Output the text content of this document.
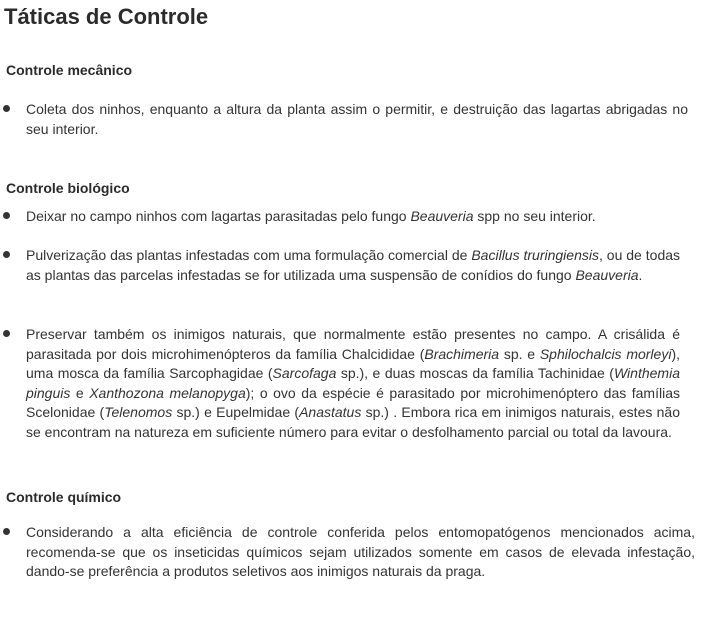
Táticas de Controle
Controle mecânico
Coleta dos ninhos, enquanto a altura da planta assim o permitir, e destruição das lagartas abrigadas no seu interior.
Controle biológico
Deixar no campo ninhos com lagartas parasitadas pelo fungo Beauveria spp no seu interior.
Pulverização das plantas infestadas com uma formulação comercial de Bacillus truringiensis, ou de todas as plantas das parcelas infestadas se for utilizada uma suspensão de conídios do fungo Beauveria.
Preservar também os inimigos naturais, que normalmente estão presentes no campo. A crisálida é parasitada por dois microhimenópteros da família Chalcididae (Brachimeria sp. e Sphilochalcis morleyi), uma mosca da família Sarcophagidae (Sarcofaga sp.), e duas moscas da família Tachinidae (Winthemia pinguis e Xanthozona melanopyga); o ovo da espécie é parasitado por microhimenóptero das famílias Scelonidae (Telenomos sp.) e Eupelmidae (Anastatus sp.) . Embora rica em inimigos naturais, estes não se encontram na natureza em suficiente número para evitar o desfolhamento parcial ou total da lavoura.
Controle químico
Considerando a alta eficiência de controle conferida pelos entomopatógenos mencionados acima, recomenda-se que os inseticidas químicos sejam utilizados somente em casos de elevada infestação, dando-se preferência a produtos seletivos aos inimigos naturais da praga.
